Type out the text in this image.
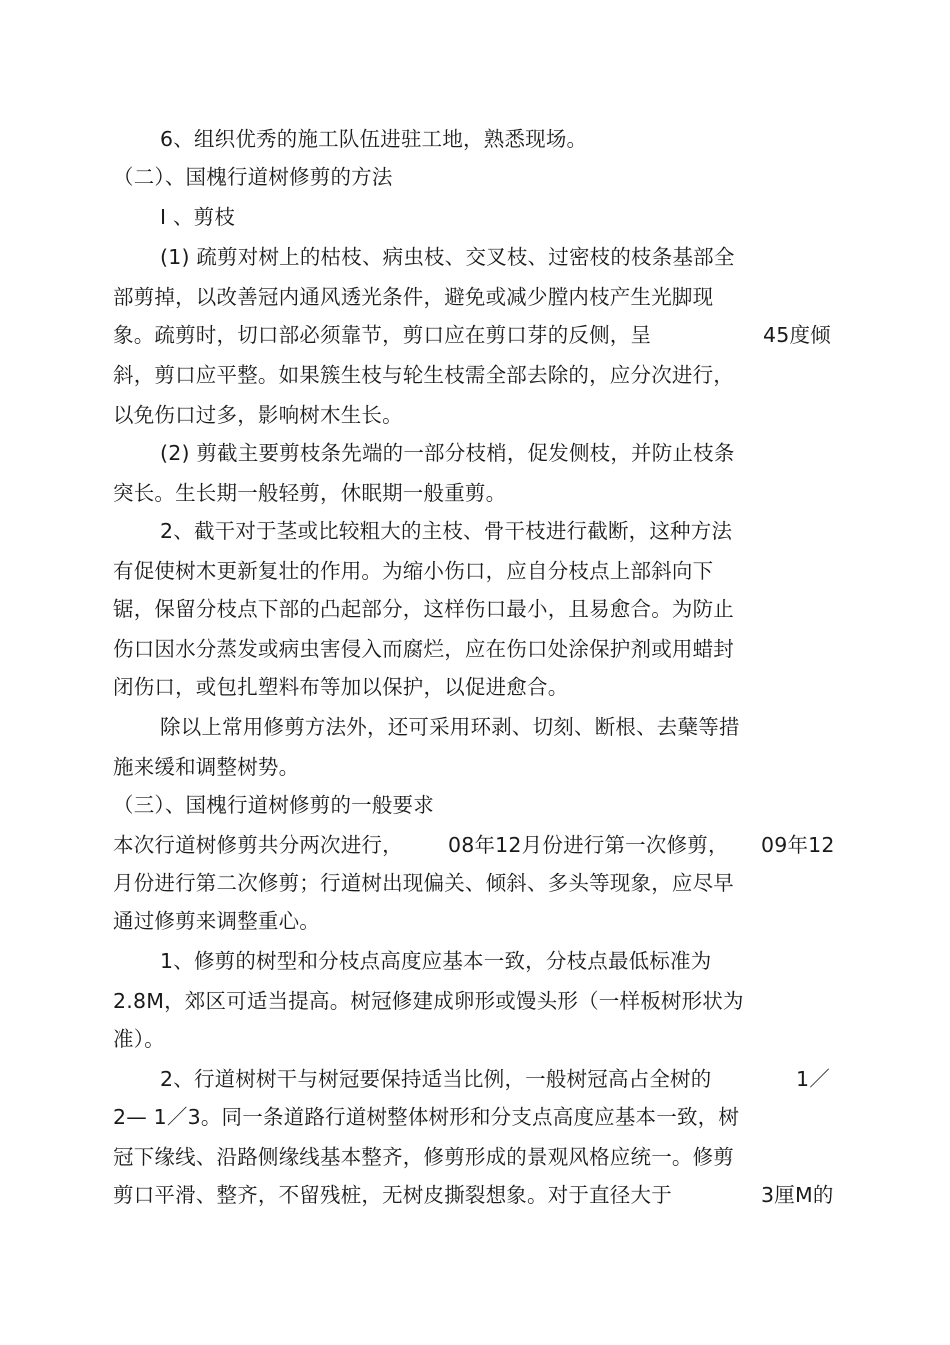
6、组织优秀的施工队伍进驻工地，熟悉现场。
（二）、国槐行道树修剪的方法
I 、剪枝
(1) 疏剪对树上的枯枝、病虫枝、交叉枝、过密枝的枝条基部全
部剪掉，以改善冠内通风透光条件，避免或减少膛内枝产生光脚现
象。疏剪时，切口部必须靠节，剪口应在剪口芽的反侧，呈	45度倾
斜，剪口应平整。如果簇生枝与轮生枝需全部去除的，应分次进行，
以免伤口过多，影响树木生长。
(2) 剪截主要剪枝条先端的一部分枝梢，促发侧枝，并防止枝条
突长。生长期一般轻剪，休眠期一般重剪。
2、截干对于茎或比较粗大的主枝、骨干枝进行截断，这种方法
有促使树木更新复壮的作用。为缩小伤口，应自分枝点上部斜向下
锯，保留分枝点下部的凸起部分，这样伤口最小，且易愈合。为防止
伤口因水分蒸发或病虫害侵入而腐烂，应在伤口处涂保护剂或用蜡封
闭伤口，或包扎塑料布等加以保护，以促进愈合。
除以上常用修剪方法外，还可采用环剥、切刻、断根、去蘖等措
施来缓和调整树势。
（三）、国槐行道树修剪的一般要求
本次行道树修剪共分两次进行， 08年12月份进行第一次修剪， 09年12
月份进行第二次修剪；行道树出现偏关、倾斜、多头等现象，应尽早
通过修剪来调整重心。
1、修剪的树型和分枝点高度应基本一致，分枝点最低标准为
2.8M，郊区可适当提高。树冠修建成卵形或馒头形（一样板树形状为
准）。
2、行道树树干与树冠要保持适当比例，一般树冠高占全树的	1／
2— 1／3。同一条道路行道树整体树形和分支点高度应基本一致，树
冠下缘线、沿路侧缘线基本整齐，修剪形成的景观风格应统一。修剪
剪口平滑、整齐，不留残桩，无树皮撕裂想象。对于直径大于	3厘M的
